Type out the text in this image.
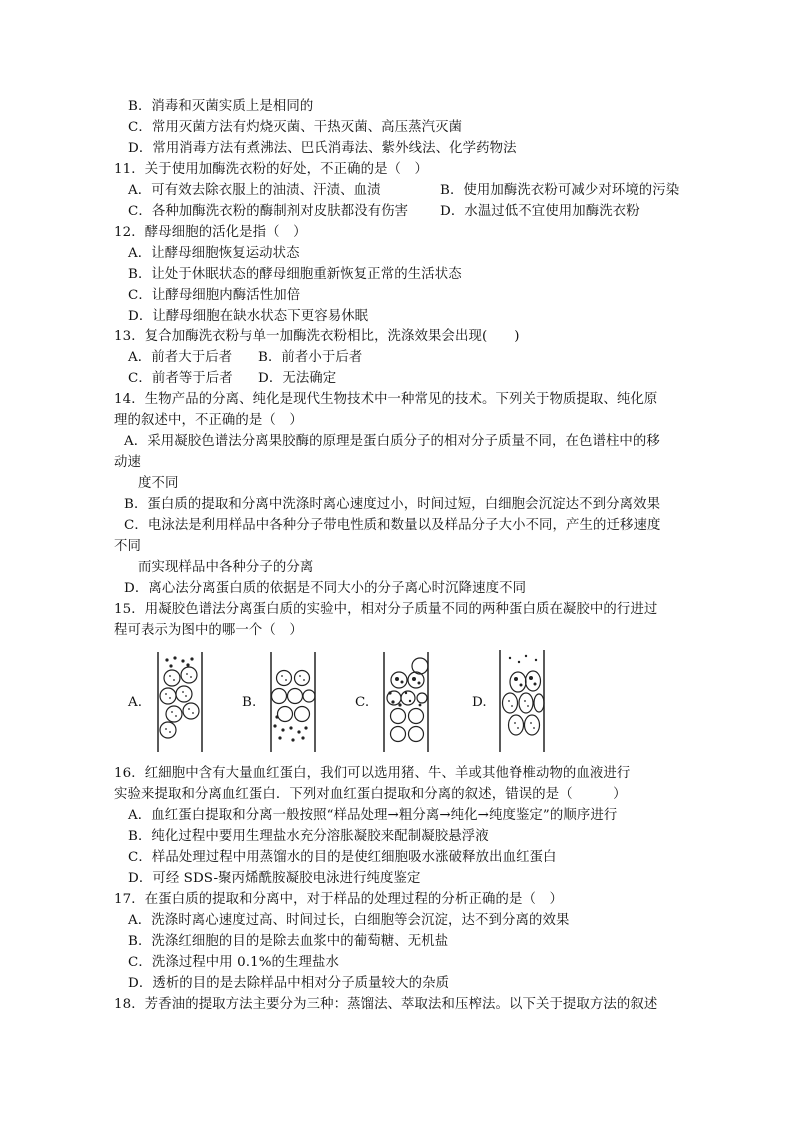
B．消毒和灭菌实质上是相同的
C．常用灭菌方法有灼烧灭菌、干热灭菌、高压蒸汽灭菌
D．常用消毒方法有煮沸法、巴氏消毒法、紫外线法、化学药物法
11．关于使用加酶洗衣粉的好处，不正确的是（　）
A．可有效去除衣服上的油渍、汗渍、血渍	B．使用加酶洗衣粉可减少对环境的污染
C．各种加酶洗衣粉的酶制剂对皮肤都没有伤害 D．水温过低不宜使用加酶洗衣粉
12．酵母细胞的活化是指（　）
A．让酵母细胞恢复运动状态
B．让处于休眠状态的酵母细胞重新恢复正常的生活状态
C．让酵母细胞内酶活性加倍
D．让酵母细胞在缺水状态下更容易休眠
13．复合加酶洗衣粉与单一加酶洗衣粉相比，洗涤效果会出现(　　)
A．前者大于后者 B．前者小于后者
C．前者等于后者 D．无法确定
14．生物产品的分离、纯化是现代生物技术中一种常见的技术。下列关于物质提取、纯化原
理的叙述中，不正确的是（　）
A．采用凝胶色谱法分离果胶酶的原理是蛋白质分子的相对分子质量不同，在色谱柱中的移
动速
度不同
B．蛋白质的提取和分离中洗涤时离心速度过小，时间过短，白细胞会沉淀达不到分离效果
C．电泳法是利用样品中各种分子带电性质和数量以及样品分子大小不同，产生的迁移速度
不同
而实现样品中各种分子的分离
D．离心法分离蛋白质的依据是不同大小的分子离心时沉降速度不同
15．用凝胶色谱法分离蛋白质的实验中，相对分子质量不同的两种蛋白质在凝胶中的行进过
程可表示为图中的哪一个（　）
A.	B.	C.	D.
16．红細胞中含有大量血红蛋白，我们可以选用猪、牛、羊或其他脊椎动物的血液进行
实验来提取和分离血红蛋白．下列对血红蛋白提取和分离的叙述，错误的是（　　　）
A．血红蛋白提取和分离一般按照“样品处理→粗分离→纯化→纯度鉴定”的顺序进行
B．纯化过程中要用生理盐水充分溶胀凝胶来配制凝胶悬浮液
C．样品处理过程中用蒸馏水的目的是使红细胞吸水涨破释放出血红蛋白
D．可经 SDS-聚丙烯酰胺凝胶电泳进行纯度鉴定
17．在蛋白质的提取和分离中，对于样品的处理过程的分析正确的是（　）
A．洗涤时离心速度过高、时间过长，白细胞等会沉淀，达不到分离的效果
B．洗涤红细胞的目的是除去血浆中的葡萄糖、无机盐
C．洗涤过程中用 0.1%的生理盐水
D．透析的目的是去除样品中相对分子质量较大的杂质
18．芳香油的提取方法主要分为三种：蒸馏法、萃取法和压榨法。以下关于提取方法的叙述
